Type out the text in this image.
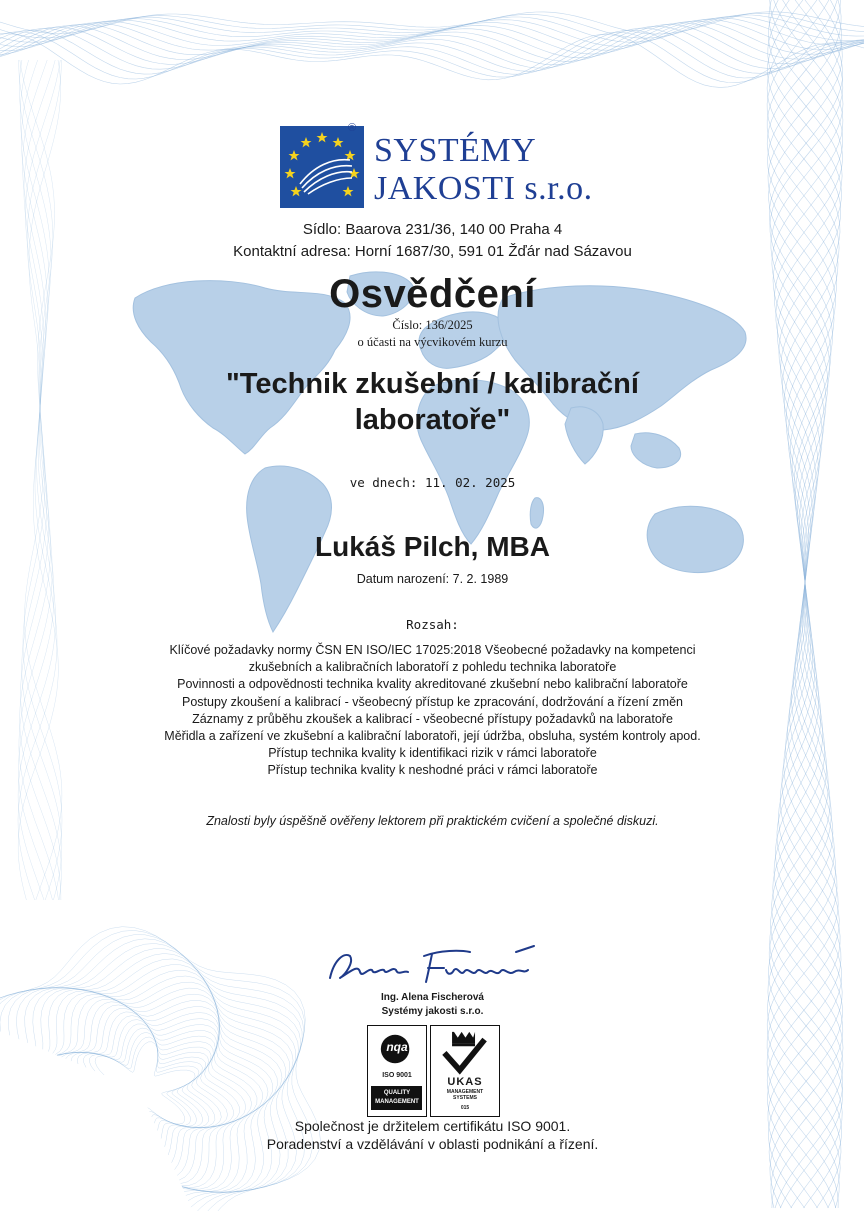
SYSTÉMY
®
JAKOSTI s.r.o.
Sídlo: Baarova 231/36, 140 00 Praha 4
Kontaktní adresa: Horní 1687/30, 591 01 Žďár nad Sázavou
Osvědčení
Číslo: 136/2025
o účasti na výcvikovém kurzu
"Technik zkušební / kalibrační
laboratoře"
ve dnech: 11. 02. 2025
Lukáš Pilch, MBA
Datum narození: 7. 2. 1989
Rozsah:
Klíčové požadavky normy ČSN EN ISO/IEC 17025:2018 Všeobecné požadavky na kompetenci
zkušebních a kalibračních laboratoří z pohledu technika laboratoře
Povinnosti a odpovědnosti technika kvality akreditované zkušební nebo kalibrační laboratoře
Postupy zkoušení a kalibrací - všeobecný přístup ke zpracování, dodržování a řízení změn
Záznamy z průběhu zkoušek a kalibrací - všeobecné přístupy požadavků na laboratoře
Měřidla a zařízení ve zkušební a kalibrační laboratoři, její údržba, obsluha, systém kontroly apod.
Přístup technika kvality k identifikaci rizik v rámci laboratoře
Přístup technika kvality k neshodné práci v rámci laboratoře
Znalosti byly úspěšně ověřeny lektorem při praktickém cvičení a společné diskuzi.
Ing. Alena Fischerová
Systémy jakosti s.r.o.
nqa
ISO 9001
QUALITY
MANAGEMENT
UKAS
MANAGEMENT
SYSTEMS
015
Společnost je držitelem certifikátu ISO 9001.
Poradenství a vzdělávání v oblasti podnikání a řízení.
